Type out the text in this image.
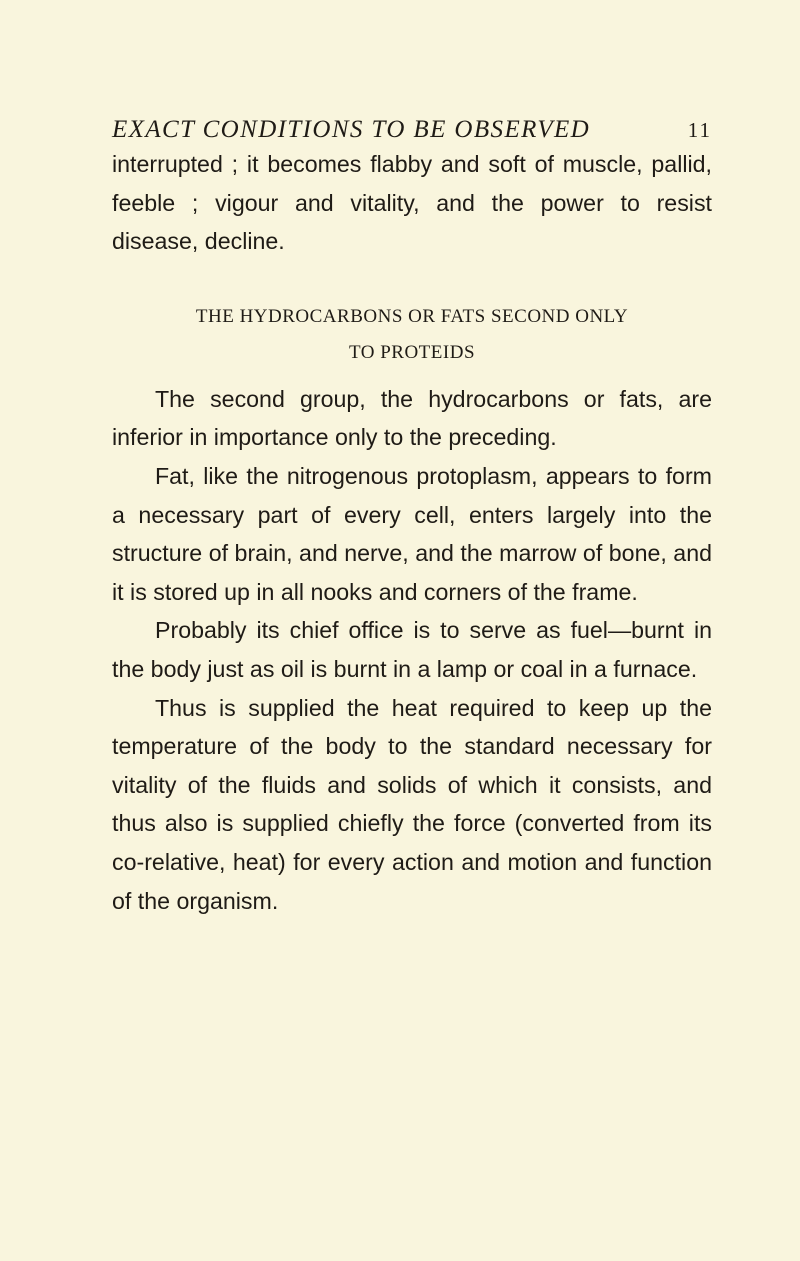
EXACT CONDITIONS TO BE OBSERVED	11

interrupted ; it becomes flabby and soft of muscle, pallid, feeble ; vigour and vitality, and the power to resist disease, decline.

THE HYDROCARBONS OR FATS SECOND ONLY
TO PROTEIDS

The second group, the hydrocarbons or fats, are inferior in importance only to the preceding.

Fat, like the nitrogenous protoplasm, appears to form a necessary part of every cell, enters largely into the structure of brain, and nerve, and the marrow of bone, and it is stored up in all nooks and corners of the frame.

Probably its chief office is to serve as fuel—burnt in the body just as oil is burnt in a lamp or coal in a furnace.

Thus is supplied the heat required to keep up the temperature of the body to the standard necessary for vitality of the fluids and solids of which it consists, and thus also is supplied chiefly the force (converted from its co-relative, heat) for every action and motion and function of the organism.
